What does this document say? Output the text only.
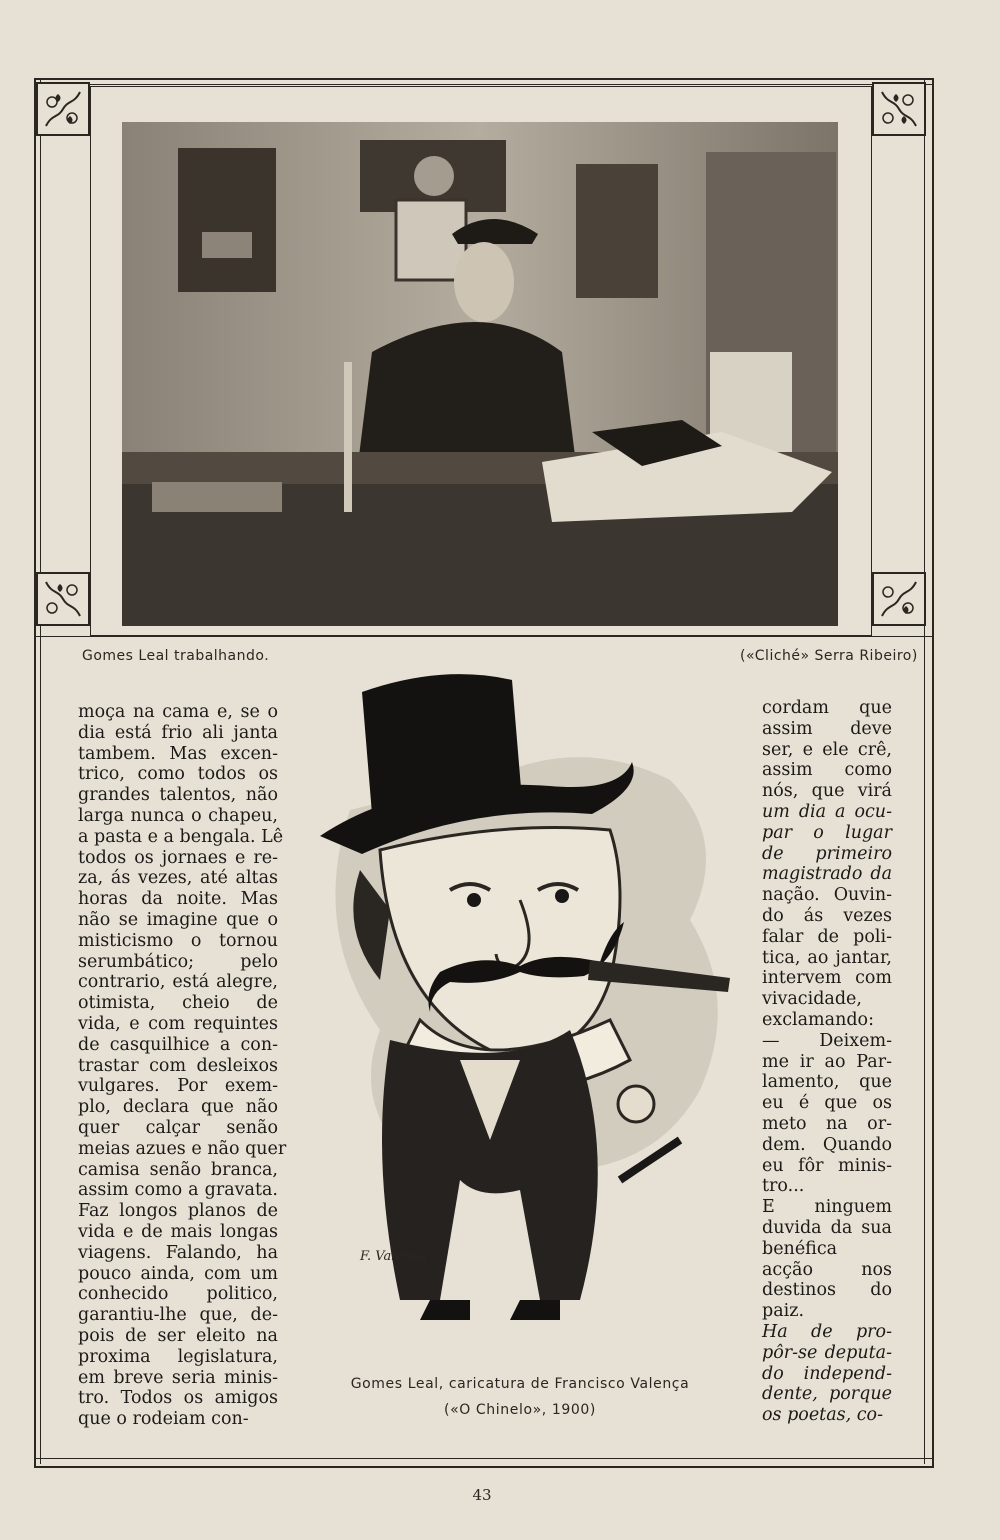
Gomes Leal trabalhando.	(«Cliché» Serra Ribeiro)
moça na cama e, se o
dia está frio ali janta
tambem. Mas excen-
trico, como todos os
grandes talentos, não
larga nunca o chapeu,
a pasta e a bengala. Lê
todos os jornaes e re-
za, ás vezes, até altas
horas da noite. Mas
não se imagine que o
misticismo o tornou
serumbático; pelo
contrario, está alegre,
otimista, cheio de
vida, e com requintes
de casquilhice a con-
trastar com desleixos
vulgares. Por exem-
plo, declara que não
quer calçar senão
meias azues e não quer
camisa senão branca,
assim como a gravata.
Faz longos planos de
vida e de mais longas
viagens. Falando, ha
pouco ainda, com um
conhecido politico,
garantiu-lhe que, de-
pois de ser eleito na
proxima legislatura,
em breve seria minis-
tro. Todos os amigos
que o rodeiam con-
F. Valença
Gomes Leal, caricatura de Francisco Valença
(«O Chinelo», 1900)
cordam que
assim deve
ser, e ele crê,
assim como
nós, que virá
um dia a ocu-
par o lugar
de primeiro
magistrado da
nação. Ouvin-
do ás vezes
falar de poli-
tica, ao jantar,
intervem com
vivacidade,
exclamando:
— Deixem-
me ir ao Par-
lamento, que
eu é que os
meto na or-
dem. Quando
eu fôr minis-
tro...
E ninguem
duvida da sua
benéfica
acção nos
destinos do
paiz.
Ha de pro-
pôr-se deputa-
do independ-
dente, porque
os poetas, co-
43
